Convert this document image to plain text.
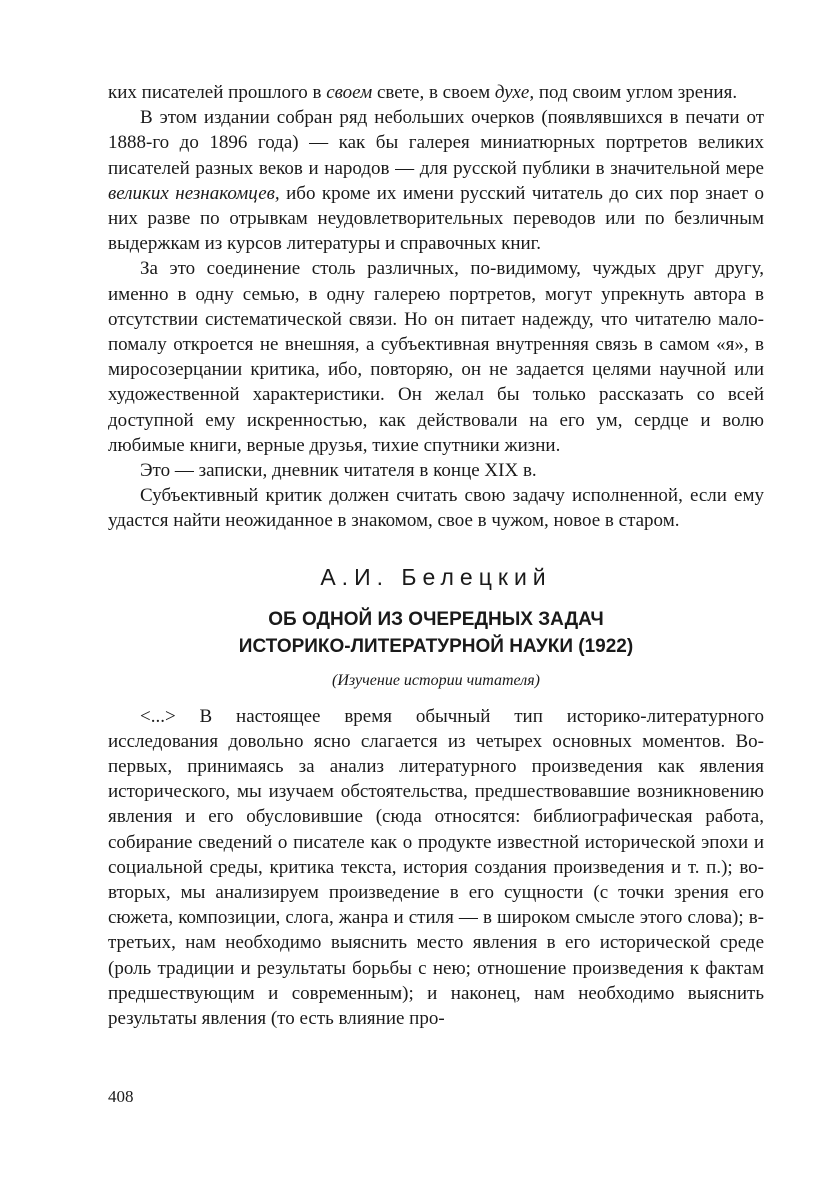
ких писателей прошлого в своем свете, в своем духе, под своим углом зрения.

В этом издании собран ряд небольших очерков (появлявшихся в печати от 1888-го до 1896 года) — как бы галерея миниатюрных портретов великих писателей разных веков и народов — для русской публики в значительной мере великих незнакомцев, ибо кроме их имени русский читатель до сих пор знает о них разве по отрывкам неудовлетворительных переводов или по безличным выдержкам из курсов литературы и справочных книг.

За это соединение столь различных, по-видимому, чуждых друг другу, именно в одну семью, в одну галерею портретов, могут упрекнуть автора в отсутствии систематической связи. Но он питает надежду, что читателю мало-помалу откроется не внешняя, а субъективная внутренняя связь в самом «я», в миросозерцании критика, ибо, повторяю, он не задается целями научной или художественной характеристики. Он желал бы только рассказать со всей доступной ему искренностью, как действовали на его ум, сердце и волю любимые книги, верные друзья, тихие спутники жизни.

Это — записки, дневник читателя в конце XIX в.

Субъективный критик должен считать свою задачу исполненной, если ему удастся найти неожиданное в знакомом, свое в чужом, новое в старом.

А.И. Белецкий

ОБ ОДНОЙ ИЗ ОЧЕРЕДНЫХ ЗАДАЧ
ИСТОРИКО-ЛИТЕРАТУРНОЙ НАУКИ (1922)

(Изучение истории читателя)

<...> В настоящее время обычный тип историко-литературного исследования довольно ясно слагается из четырех основных моментов. Во-первых, принимаясь за анализ литературного произведения как явления исторического, мы изучаем обстоятельства, предшествовавшие возникновению явления и его обусловившие (сюда относятся: библиографическая работа, собирание сведений о писателе как о продукте известной исторической эпохи и социальной среды, критика текста, история создания произведения и т. п.); во-вторых, мы анализируем произведение в его сущности (с точки зрения его сюжета, композиции, слога, жанра и стиля — в широком смысле этого слова); в-третьих, нам необходимо выяснить место явления в его исторической среде (роль традиции и результаты борьбы с нею; отношение произведения к фактам предшествующим и современным); и наконец, нам необходимо выяснить результаты явления (то есть влияние про-

408
